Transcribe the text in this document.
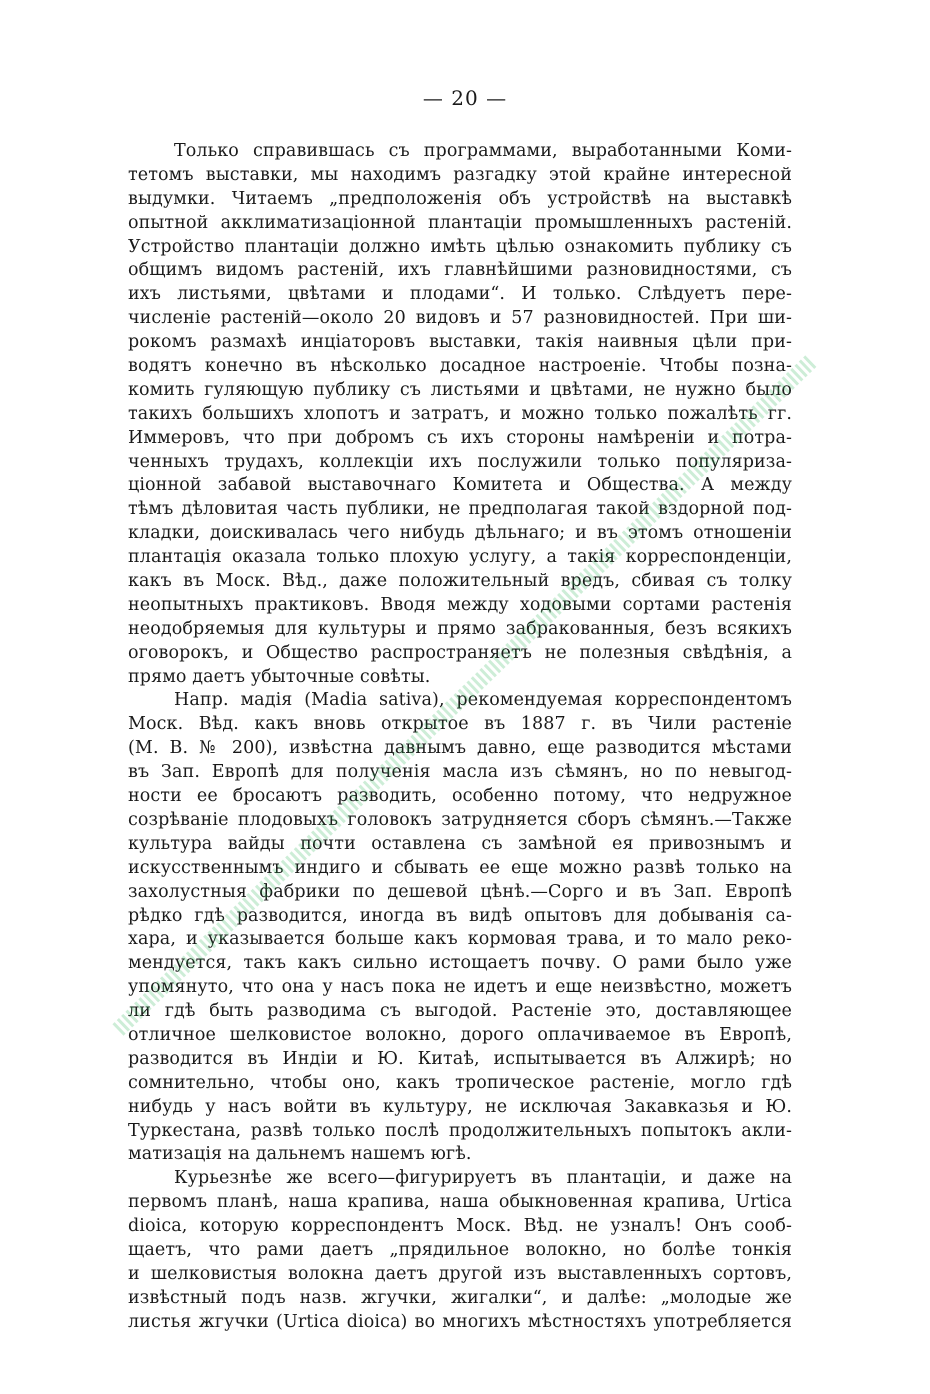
— 20 —
Только справившась съ программами, выработанными Коми-
тетомъ выставки, мы находимъ разгадку этой крайне интересной
выдумки. Читаемъ „предположенія объ устройствѣ на выставкѣ
опытной акклиматизаціонной плантаціи промышленныхъ растеній.
Устройство плантаціи должно имѣть цѣлью ознакомить публику съ
общимъ видомъ растеній, ихъ главнѣйшими разновидностями, съ
ихъ листьями, цвѣтами и плодами“. И только. Слѣдуетъ пере-
численіе растеній—около 20 видовъ и 57 разновидностей. При ши-
рокомъ размахѣ инціаторовъ выставки, такія наивныя цѣли при-
водятъ конечно въ нѣсколько досадное настроеніе. Чтобы позна-
комить гуляющую публику съ листьями и цвѣтами, не нужно было
такихъ большихъ хлопотъ и затратъ, и можно только пожалѣть гг.
Иммеровъ, что при добромъ съ ихъ стороны намѣреніи и потра-
ченныхъ трудахъ, коллекціи ихъ послужили только популяриза-
ціонной забавой выставочнаго Комитета и Общества. А между
тѣмъ дѣловитая часть публики, не предполагая такой вздорной под-
кладки, доискивалась чего нибудь дѣльнаго; и въ этомъ отношеніи
плантація оказала только плохую услугу, а такія корреспонденціи,
какъ въ Моск. Вѣд., даже положительный вредъ, сбивая съ толку
неопытныхъ практиковъ. Вводя между ходовыми сортами растенія
неодобряемыя для культуры и прямо забракованныя, безъ всякихъ
оговорокъ, и Общество распространяетъ не полезныя свѣдѣнія, а
прямо даетъ убыточные совѣты.
Напр. мадія (Madia sativa), рекомендуемая корреспондентомъ
Моск. Вѣд. какъ вновь открытое въ 1887 г. въ Чили растеніе
(М. В. № 200), извѣстна давнымъ давно, еще разводится мѣстами
въ Зап. Европѣ для полученія масла изъ сѣмянъ, но по невыгод-
ности ее бросаютъ разводить, особенно потому, что недружное
созрѣваніе плодовыхъ головокъ затрудняется сборъ сѣмянъ.—Также
культура вайды почти оставлена съ замѣной ея привознымъ и
искусственнымъ индиго и сбывать ее еще можно развѣ только на
захолустныя фабрики по дешевой цѣнѣ.—Сорго и въ Зап. Европѣ
рѣдко гдѣ разводится, иногда въ видѣ опытовъ для добыванія са-
хара, и указывается больше какъ кормовая трава, и то мало реко-
мендуется, такъ какъ сильно истощаетъ почву. О рами было уже
упомянуто, что она у насъ пока не идетъ и еще неизвѣстно, можетъ
ли гдѣ быть разводима съ выгодой. Растеніе это, доставляющее
отличное шелковистое волокно, дорого оплачиваемое въ Европѣ,
разводится въ Индіи и Ю. Китаѣ, испытывается въ Алжирѣ; но
сомнительно, чтобы оно, какъ тропическое растеніе, могло гдѣ
нибудь у насъ войти въ культуру, не исключая Закавказья и Ю.
Туркестана, развѣ только послѣ продолжительныхъ попытокъ акли-
матизація на дальнемъ нашемъ югѣ.
Курьезнѣе же всего—фигурируетъ въ плантаціи, и даже на
первомъ планѣ, наша крапива, наша обыкновенная крапива, Urtica
dioica, которую корреспондентъ Моск. Вѣд. не узналъ! Онъ сооб-
щаетъ, что рами даетъ „прядильное волокно, но болѣе тонкія
и шелковистыя волокна даетъ другой изъ выставленныхъ сортовъ,
извѣстный подъ назв. жгучки, жигалки“, и далѣе: „молодые же
листья жгучки (Urtica dioica) во многихъ мѣстностяхъ употребляется
